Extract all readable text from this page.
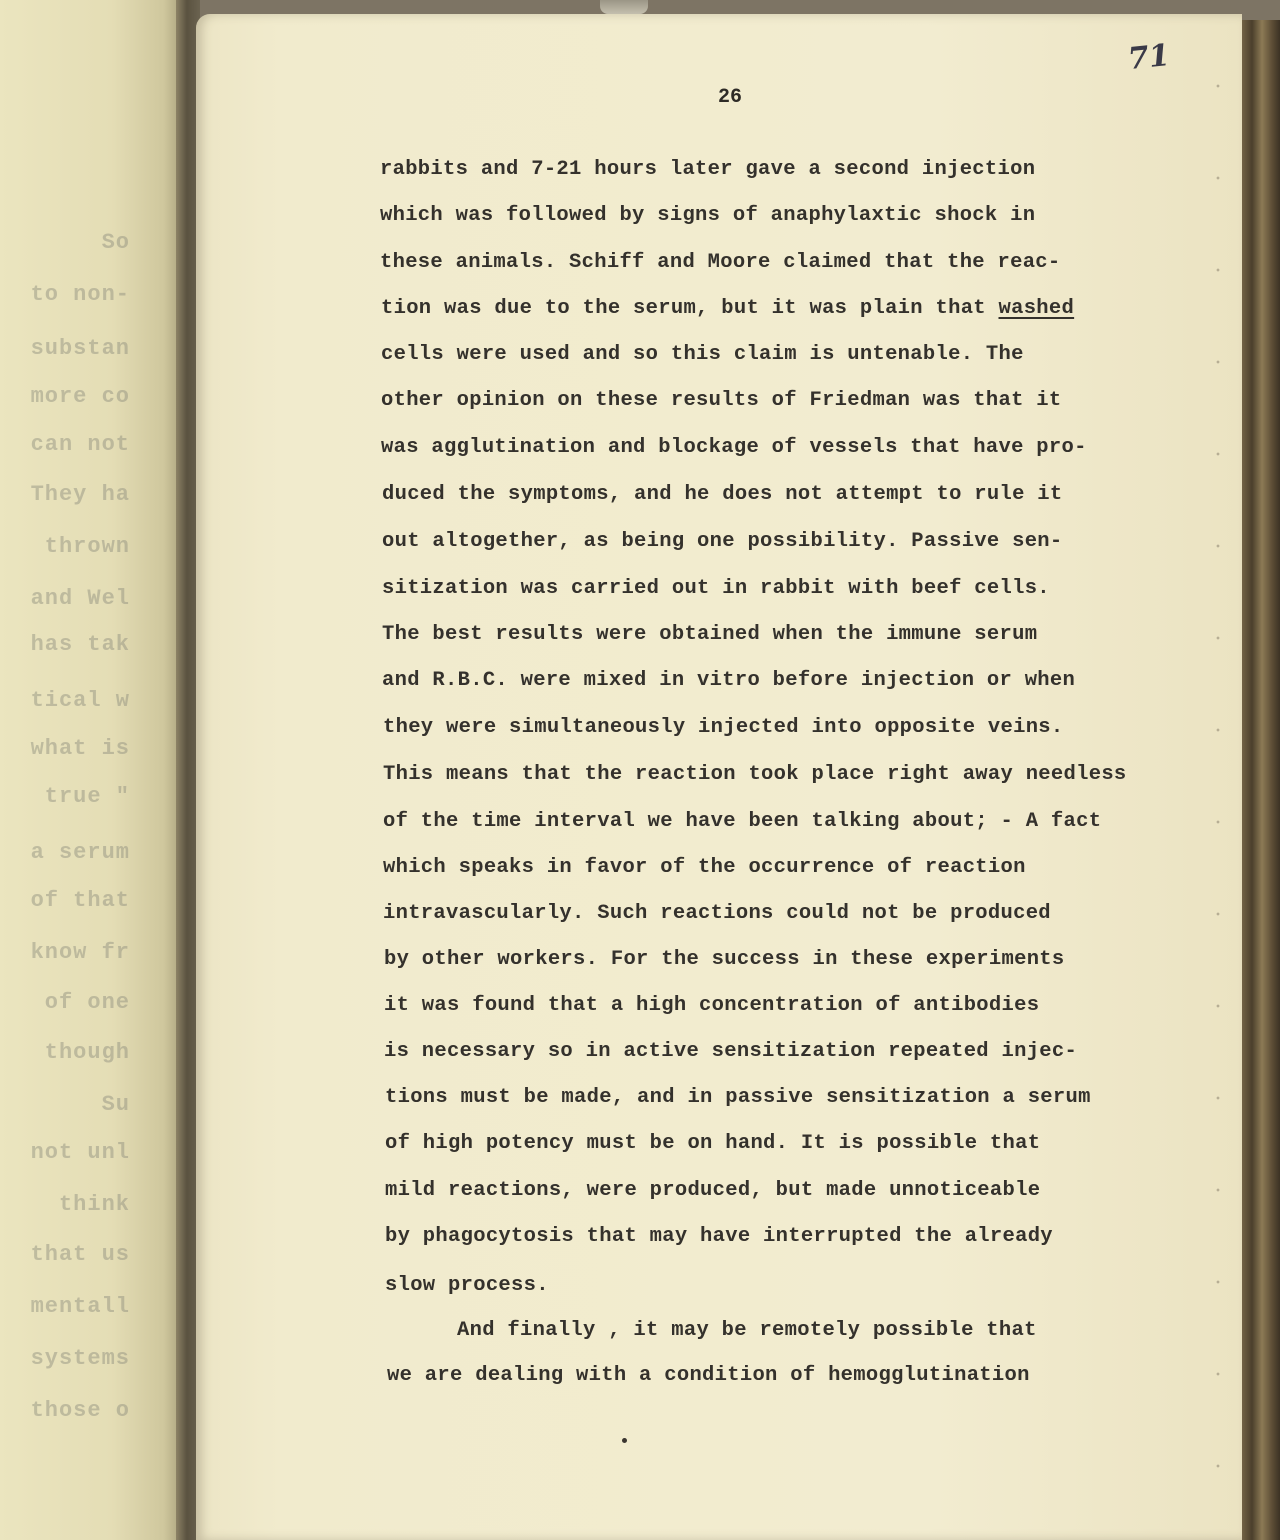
So
to non-
substan
more co
can not
They ha
thrown
and Wel
has tak
tical w
what is
true "
a serum
of that
know fr
of one
though
Su
not unl
think
that us
mentall
systems
those o
71
26
rabbits and 7-21 hours later gave a second injection
which was followed by signs of anaphylaxtic shock in
these animals. Schiff and Moore claimed that the reac-
tion was due to the serum, but it was plain that washed
cells were used and so this claim is untenable. The
other opinion on these results of Friedman was that it
was agglutination and blockage of vessels that have pro-
duced the symptoms, and he does not attempt to rule it
out altogether, as being one possibility. Passive sen-
sitization was carried out in rabbit with beef cells.
The best results were obtained when the immune serum
and R.B.C. were mixed in vitro before injection or when
they were simultaneously injected into opposite veins.
This means that the reaction took place right away needless
of the time interval we have been talking about; - A fact
which speaks in favor of the occurrence of reaction
intravascularly. Such reactions could not be produced
by other workers. For the success in these experiments
it was found that a high concentration of antibodies
is necessary so in active sensitization repeated injec-
tions must be made, and in passive sensitization a serum
of high potency must be on hand. It is possible that
mild reactions, were produced, but made unnoticeable
by phagocytosis that may have interrupted the already
slow process.
And finally , it may be remotely possible that
we are dealing with a condition of hemogglutination
